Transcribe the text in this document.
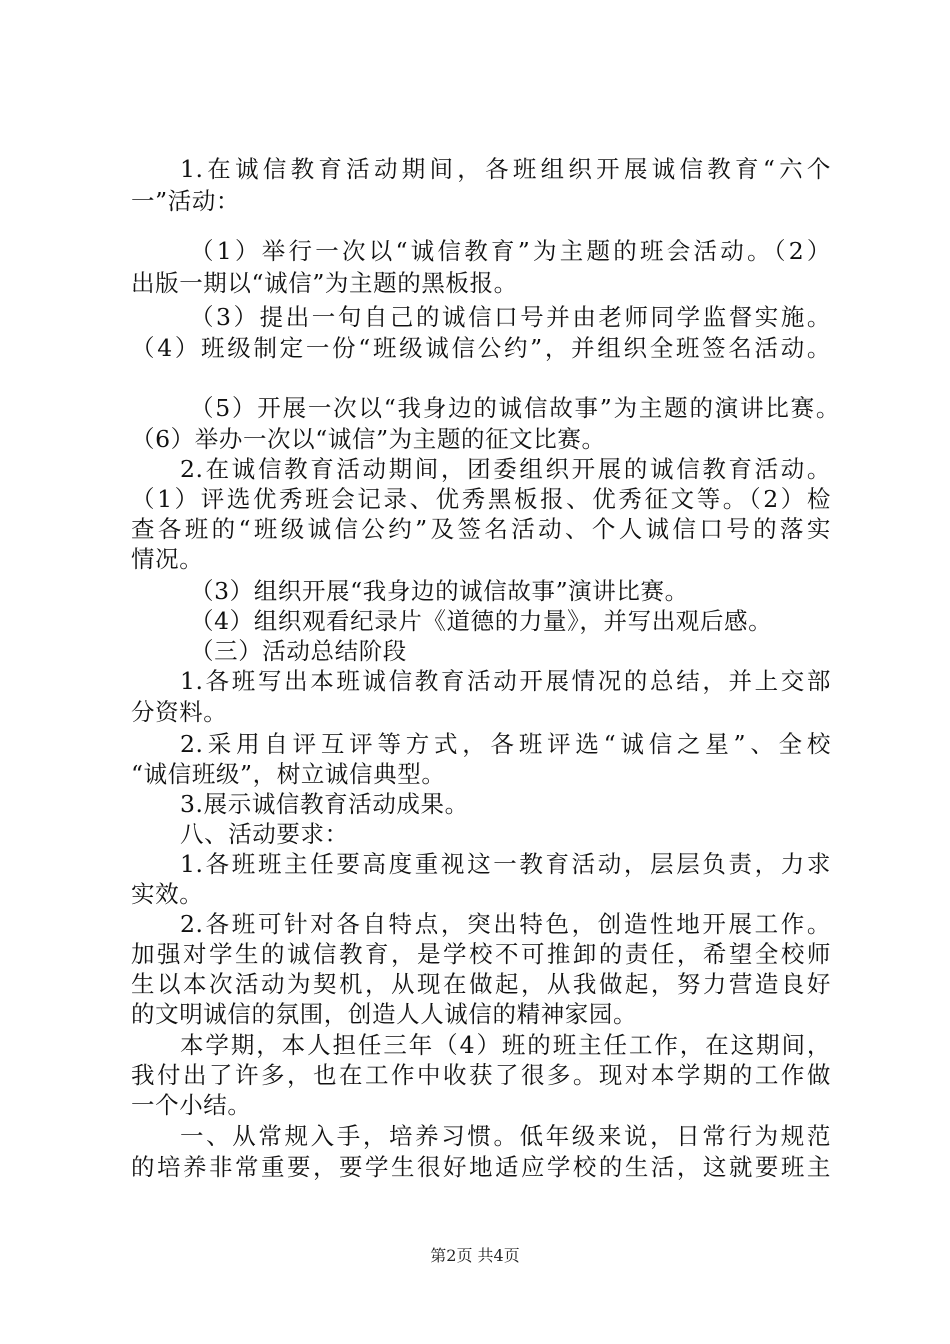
1.在诚信教育活动期间，各班组织开展诚信教育“六个
一”活动：
（1）举行一次以“诚信教育”为主题的班会活动。（2）
出版一期以“诚信”为主题的黑板报。
（3）提出一句自己的诚信口号并由老师同学监督实施。
（4）班级制定一份“班级诚信公约”，并组织全班签名活动。
（5）开展一次以“我身边的诚信故事”为主题的演讲比赛。
（6）举办一次以“诚信”为主题的征文比赛。
2.在诚信教育活动期间，团委组织开展的诚信教育活动。
（1）评选优秀班会记录、优秀黑板报、优秀征文等。（2）检
查各班的“班级诚信公约”及签名活动、个人诚信口号的落实
情况。
（3）组织开展“我身边的诚信故事”演讲比赛。
（4）组织观看纪录片《道德的力量》，并写出观后感。
（三）活动总结阶段
1.各班写出本班诚信教育活动开展情况的总结，并上交部
分资料。
2.采用自评互评等方式，各班评选“诚信之星”、全校
“诚信班级”，树立诚信典型。
3.展示诚信教育活动成果。
八、活动要求：
1.各班班主任要高度重视这一教育活动，层层负责，力求
实效。
2.各班可针对各自特点，突出特色，创造性地开展工作。
加强对学生的诚信教育，是学校不可推卸的责任，希望全校师
生以本次活动为契机，从现在做起，从我做起，努力营造良好
的文明诚信的氛围，创造人人诚信的精神家园。
本学期，本人担任三年（4）班的班主任工作，在这期间，
我付出了许多，也在工作中收获了很多。现对本学期的工作做
一个小结。
一、从常规入手，培养习惯。低年级来说，日常行为规范
的培养非常重要，要学生很好地适应学校的生活，这就要班主
第2页 共4页
